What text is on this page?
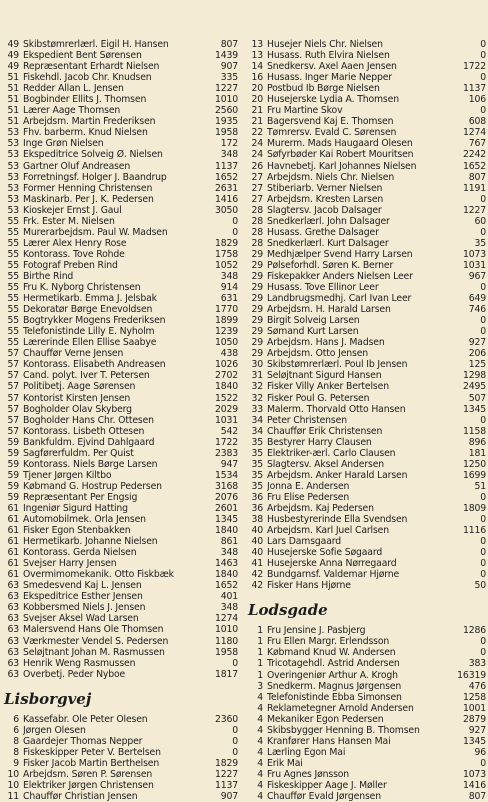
49 Skibstømrerlærl. Eigil H. Hansen	807
49 Ekspedient Bent Sørensen	1439
49 Repræsentant Erhardt Nielsen	907
51 Fiskehdl. Jacob Chr. Knudsen	335
51 Redder Allan L. Jensen	1227
51 Bogbinder Ellits J. Thomsen	1010
51 Lærer Aage Thomsen	2560
51 Arbejdsm. Martin Frederiksen	1935
53 Fhv. barberm. Knud Nielsen	1958
53 Inge Grøn Nielsen	172
53 Ekspeditrice Solveig Ø. Nielsen	348
53 Gartner Oluf Andreasen	1137
53 Forretningsf. Holger J. Baandrup	1652
53 Former Henning Christensen	2631
53 Maskinarb. Per J. K. Pedersen	1416
53 Kioskejer Ernst J. Gaul	3050
55 Frk. Ester M. Nielsen	0
55 Murerarbejdsm. Paul W. Madsen	0
55 Lærer Alex Henry Rose	1829
55 Kontorass. Tove Rohde	1758
55 Fotograf Preben Rind	1052
55 Birthe Rind	348
55 Fru K. Nyborg Christensen	914
55 Hermetikarb. Emma J. Jelsbak	631
55 Dekoratør Børge Enevoldsen	1770
55 Bogtrykker Mogens Frederiksen	1899
55 Telefonistinde Lilly E. Nyholm	1239
55 Lærerinde Ellen Ellise Saabye	1050
57 Chauffør Verne Jensen	438
57 Kontorass. Elisabeth Andreasen	1026
57 Cand. polyt. Iver T. Petersen	2702
57 Politibetj. Aage Sørensen	1840
57 Kontorist Kirsten Jensen	1522
57 Bogholder Olav Skyberg	2029
57 Bogholder Hans Chr. Ottesen	1031
57 Kontorass. Lisbeth Ottesen	542
59 Bankfuldm. Ejvind Dahlgaard	1722
59 Sagførerfuldm. Per Quist	2383
59 Kontorass. Niels Børge Larsen	947
59 Tjener Jørgen Kiltbo	1534
59 Købmand G. Hostrup Pedersen	3168
59 Repræsentant Per Engsig	2076
61 Ingeniør Sigurd Hatting	2601
61 Automobilmek. Orla Jensen	1345
61 Fisker Egon Stenbakken	1840
61 Hermetikarb. Johanne Nielsen	861
61 Kontorass. Gerda Nielsen	348
61 Svejser Harry Jensen	1463
61 Overmimomekanik. Otto Fiskbæk	1840
63 Smedesvend Kaj L. Jensen	1652
63 Ekspeditrice Esther Jensen	401
63 Kobbersmed Niels J. Jensen	348
63 Svejser Aksel Wad Larsen	1274
63 Malersvend Hans Ole Thomsen	1010
63 Værkmester Vendel S. Pedersen	1180
63 Seløjtnant Johan M. Rasmussen	1958
63 Henrik Weng Rasmussen	0
63 Overbetj. Peder Nyboe	1817
Lisborgvej
6 Kassefabr. Ole Peter Olesen	2360
6 Jørgen Olesen	0
8 Gaardejer Thomas Nepper	0
8 Fiskeskipper Peter V. Bertelsen	0
9 Fisker Jacob Martin Berthelsen	1829
10 Arbejdsm. Søren P. Sørensen	1227
10 Elektriker Jørgen Christensen	1137
11 Chauffør Christian Jensen	907
13 Husejer Niels Chr. Nielsen	0
13 Husass. Ruth Elvira Nielsen	0
14 Snedkersv. Axel Aaen Jensen	1722
16 Husass. Inger Marie Nepper	0
20 Postbud Ib Børge Nielsen	1137
20 Husejerske Lydia A. Thomsen	106
21 Fru Martine Skov	0
21 Bagersvend Kaj E. Thomsen	608
22 Tømrersv. Evald C. Sørensen	1274
24 Murerm. Mads Haugaard Olesen	767
24 Søfyrbøder Kai Robert Mouritsen	2242
26 Havnebetj. Karl Johannes Nielsen	1652
27 Arbejdsm. Niels Chr. Nielsen	807
27 Stiberiarb. Verner Nielsen	1191
27 Arbejdsm. Kresten Larsen	0
28 Slagtersv. Jacob Dalsager	1227
28 Snedkerlærl. John Dalsager	60
28 Husass. Grethe Dalsager	0
28 Snedkerlærl. Kurt Dalsager	35
29 Medhjælper Svend Harry Larsen	1073
29 Pølseforhdl. Søren K. Berner	1031
29 Fiskepakker Anders Nielsen Leer	967
29 Husass. Tove Ellinor Leer	0
29 Landbrugsmedhj. Carl Ivan Leer	649
29 Arbejdsm. H. Harald Larsen	746
29 Birgit Solveig Larsen	0
29 Sømand Kurt Larsen	0
29 Arbejdsm. Hans J. Madsen	927
29 Arbejdsm. Otto Jensen	206
30 Skibstømrerlærl. Poul Ib Jensen	125
31 Seløjtnant Sigurd Hansen	1298
32 Fisker Villy Anker Bertelsen	2495
32 Fisker Poul G. Petersen	507
33 Malerm. Thorvald Otto Hansen	1345
34 Peter Christensen	0
34 Chauffør Erik Christensen	1158
35 Bestyrer Harry Clausen	896
35 Elektriker-ærl. Carlo Clausen	181
35 Slagtersv. Aksel Andersen	1250
35 Arbejdsm. Anker Harald Larsen	1699
35 Jonna E. Andersen	51
36 Fru Elise Pedersen	0
36 Arbejdsm. Kaj Pedersen	1809
38 Husbestyrerinde Ella Svendsen	0
40 Arbejdsm. Karl Juel Carlsen	1116
40 Lars Damsgaard	0
40 Husejerske Sofie Søgaard	0
41 Husejerske Anna Nørregaard	0
42 Bundgarnsf. Valdemar Hjørne	0
42 Fisker Hans Hjørne	50
Lodsgade
1 Fru Jensine J. Pasbjerg	1286
1 Fru Ellen Margr. Erlendsson	0
1 Købmand Knud W. Andersen	0
1 Tricotagehdl. Astrid Andersen	383
1 Overingeniør Arthur A. Krogh	16319
3 Snedkerm. Magnus Jørgensen	476
4 Telefonistinde Ebba Simonsen	1258
4 Reklametegner Arnold Andersen	1001
4 Mekaniker Egon Pedersen	2879
4 Skibsbygger Henning B. Thomsen	927
4 Kranfører Hans Hansen Mai	1345
4 Lærling Egon Mai	96
4 Erik Mai	0
4 Fru Agnes Jønsson	1073
4 Fiskeskipper Aage J. Møller	1416
4 Chauffør Evald Jørgensen	807
